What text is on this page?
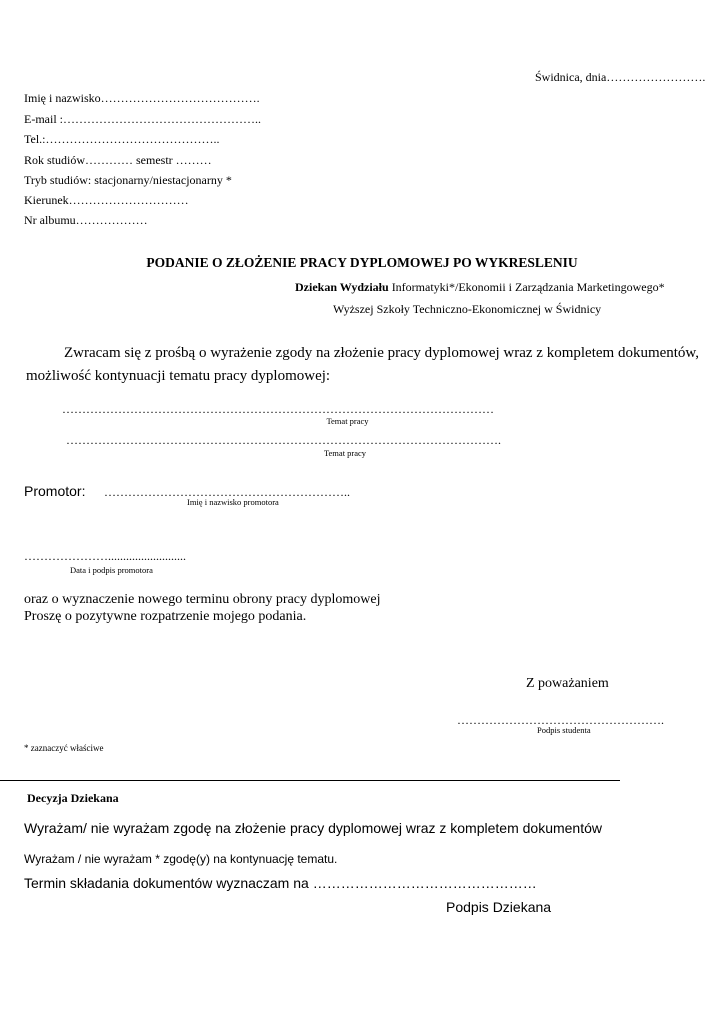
Świdnica, dnia…………………….
Imię i nazwisko………………………………….
E-mail :…………………………………………..
Tel.:……………………………………..
Rok studiów………… semestr ………
Tryb studiów: stacjonarny/niestacjonarny *
Kierunek…………………………
Nr albumu………………
PODANIE O ZŁOŻENIE PRACY DYPLOMOWEJ PO WYKRESLENIU
Dziekan Wydziału Informatyki*/Ekonomii i Zarządzania Marketingowego*
Wyższej Szkoły Techniczno-Ekonomicznej w Świdnicy
Zwracam się z prośbą o wyrażenie zgody na złożenie pracy dyplomowej wraz z kompletem dokumentów,
możliwość kontynuacji tematu pracy dyplomowej:
………………………………………………………………………………………………
Temat pracy
……………………………………………………………………………………………….
Temat pracy
Promotor: ……………………………………………………..
Imię i nazwisko promotora
…………………..........................
Data i podpis promotora
oraz o wyznaczenie nowego terminu obrony pracy dyplomowej
Proszę o pozytywne rozpatrzenie mojego podania.
Z poważaniem
…………………………………………….
Podpis studenta
* zaznaczyć właściwe
Decyzja Dziekana
Wyrażam/ nie wyrażam zgodę na złożenie pracy dyplomowej wraz z kompletem dokumentów
Wyrażam / nie wyrażam * zgodę(y) na kontynuację tematu.
Termin składania dokumentów wyznaczam na …………………………………………
Podpis Dziekana
